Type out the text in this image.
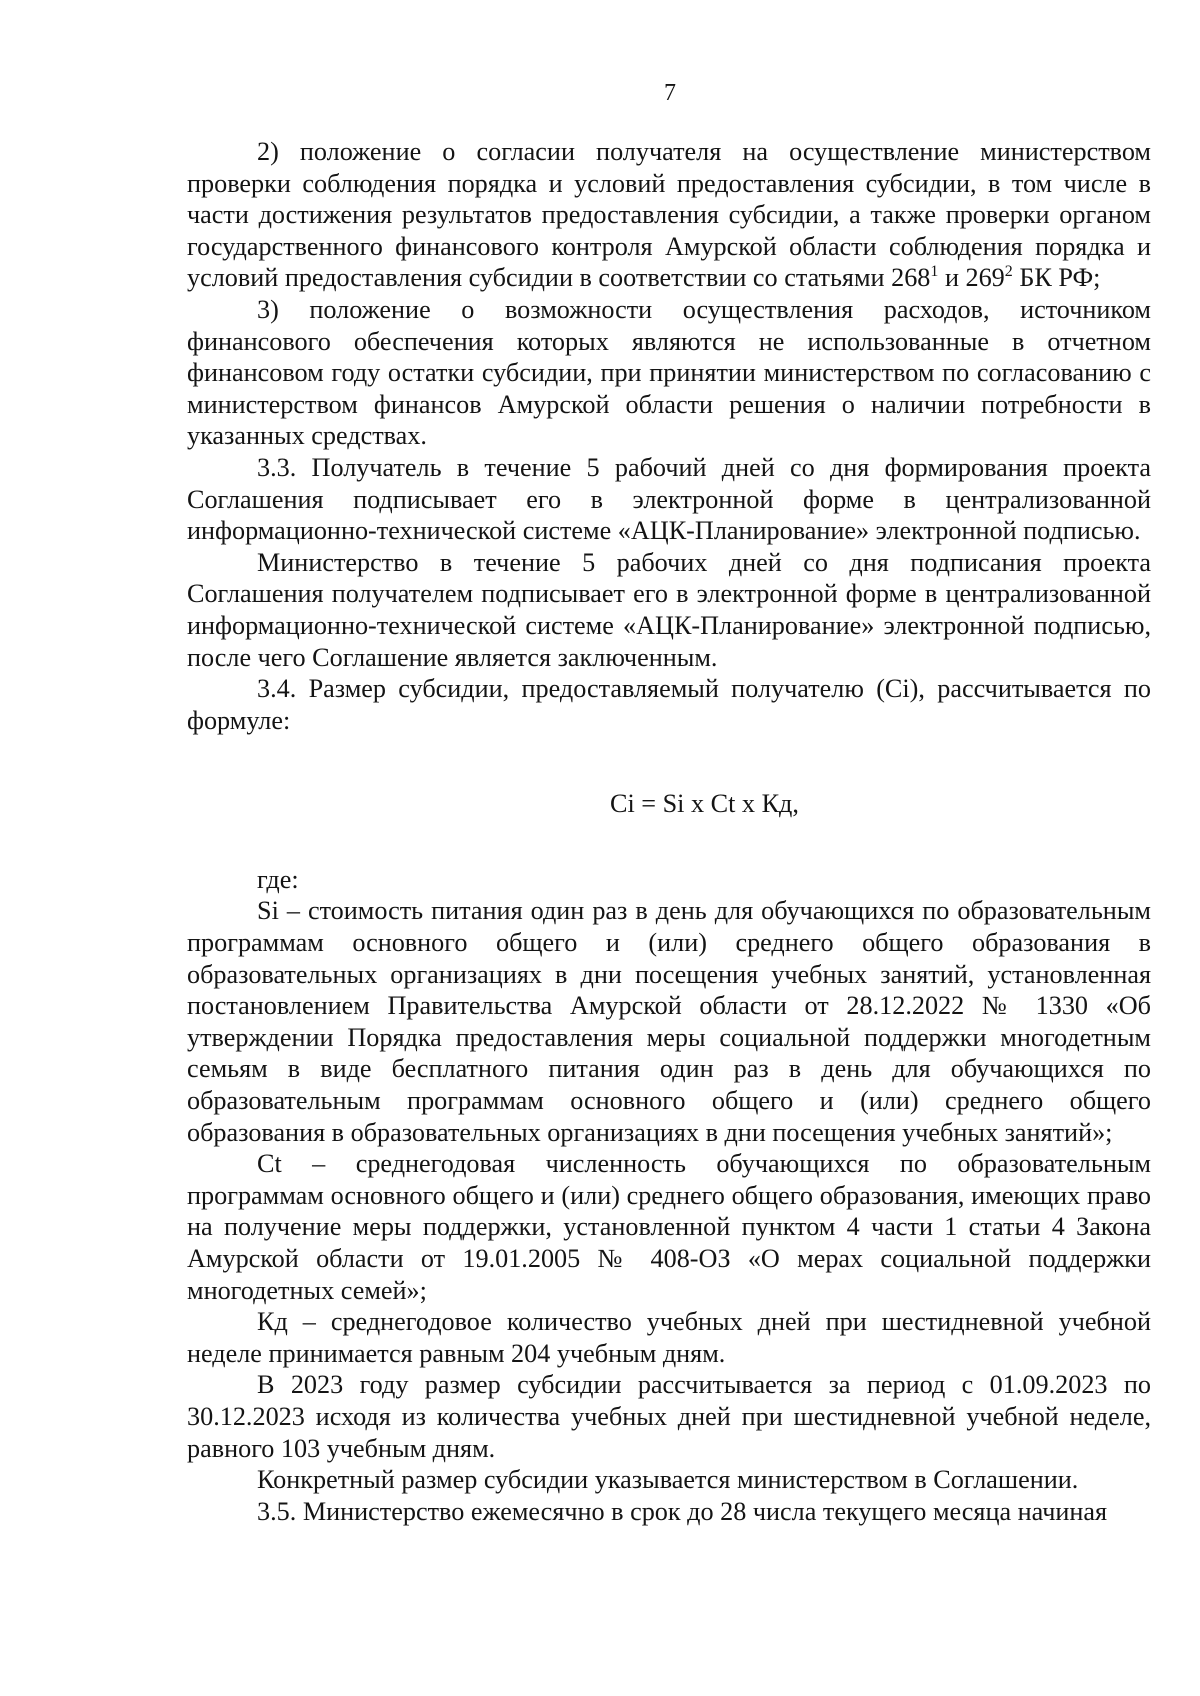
7

2) положение о согласии получателя на осуществление министерством проверки соблюдения порядка и условий предоставления субсидии, в том числе в части достижения результатов предоставления субсидии, а также проверки органом государственного финансового контроля Амурской области соблюдения порядка и условий предоставления субсидии в соответствии со статьями $268^1$ и $269^2$ БК РФ;

3) положение о возможности осуществления расходов, источником финансового обеспечения которых являются не использованные в отчетном финансовом году остатки субсидии, при принятии министерством по согласованию с министерством финансов Амурской области решения о наличии потребности в указанных средствах.

3.3. Получатель в течение 5 рабочий дней со дня формирования проекта Соглашения подписывает его в электронной форме в централизованной информационно-технической системе «АЦК-Планирование» электронной подписью.

Министерство в течение 5 рабочих дней со дня подписания проекта Соглашения получателем подписывает его в электронной форме в централизованной информационно-технической системе «АЦК-Планирование» электронной подписью, после чего Соглашение является заключенным.

3.4. Размер субсидии, предоставляемый получателю (Ci), рассчитывается по формуле:

Ci = Si x Ct x Кд,

где:

Si – стоимость питания один раз в день для обучающихся по образовательным программам основного общего и (или) среднего общего образования в образовательных организациях в дни посещения учебных занятий, установленная постановлением Правительства Амурской области от 28.12.2022 № 1330 «Об утверждении Порядка предоставления меры социальной поддержки многодетным семьям в виде бесплатного питания один раз в день для обучающихся по образовательным программам основного общего и (или) среднего общего образования в образовательных организациях в дни посещения учебных занятий»;

Ct – среднегодовая численность обучающихся по образовательным программам основного общего и (или) среднего общего образования, имеющих право на получение меры поддержки, установленной пунктом 4 части 1 статьи 4 Закона Амурской области от 19.01.2005 № 408-ОЗ «О мерах социальной поддержки многодетных семей»;

Кд – среднегодовое количество учебных дней при шестидневной учебной неделе принимается равным 204 учебным дням.

В 2023 году размер субсидии рассчитывается за период с 01.09.2023 по 30.12.2023 исходя из количества учебных дней при шестидневной учебной неделе, равного 103 учебным дням.

Конкретный размер субсидии указывается министерством в Соглашении.

3.5. Министерство ежемесячно в срок до 28 числа текущего месяца начиная
